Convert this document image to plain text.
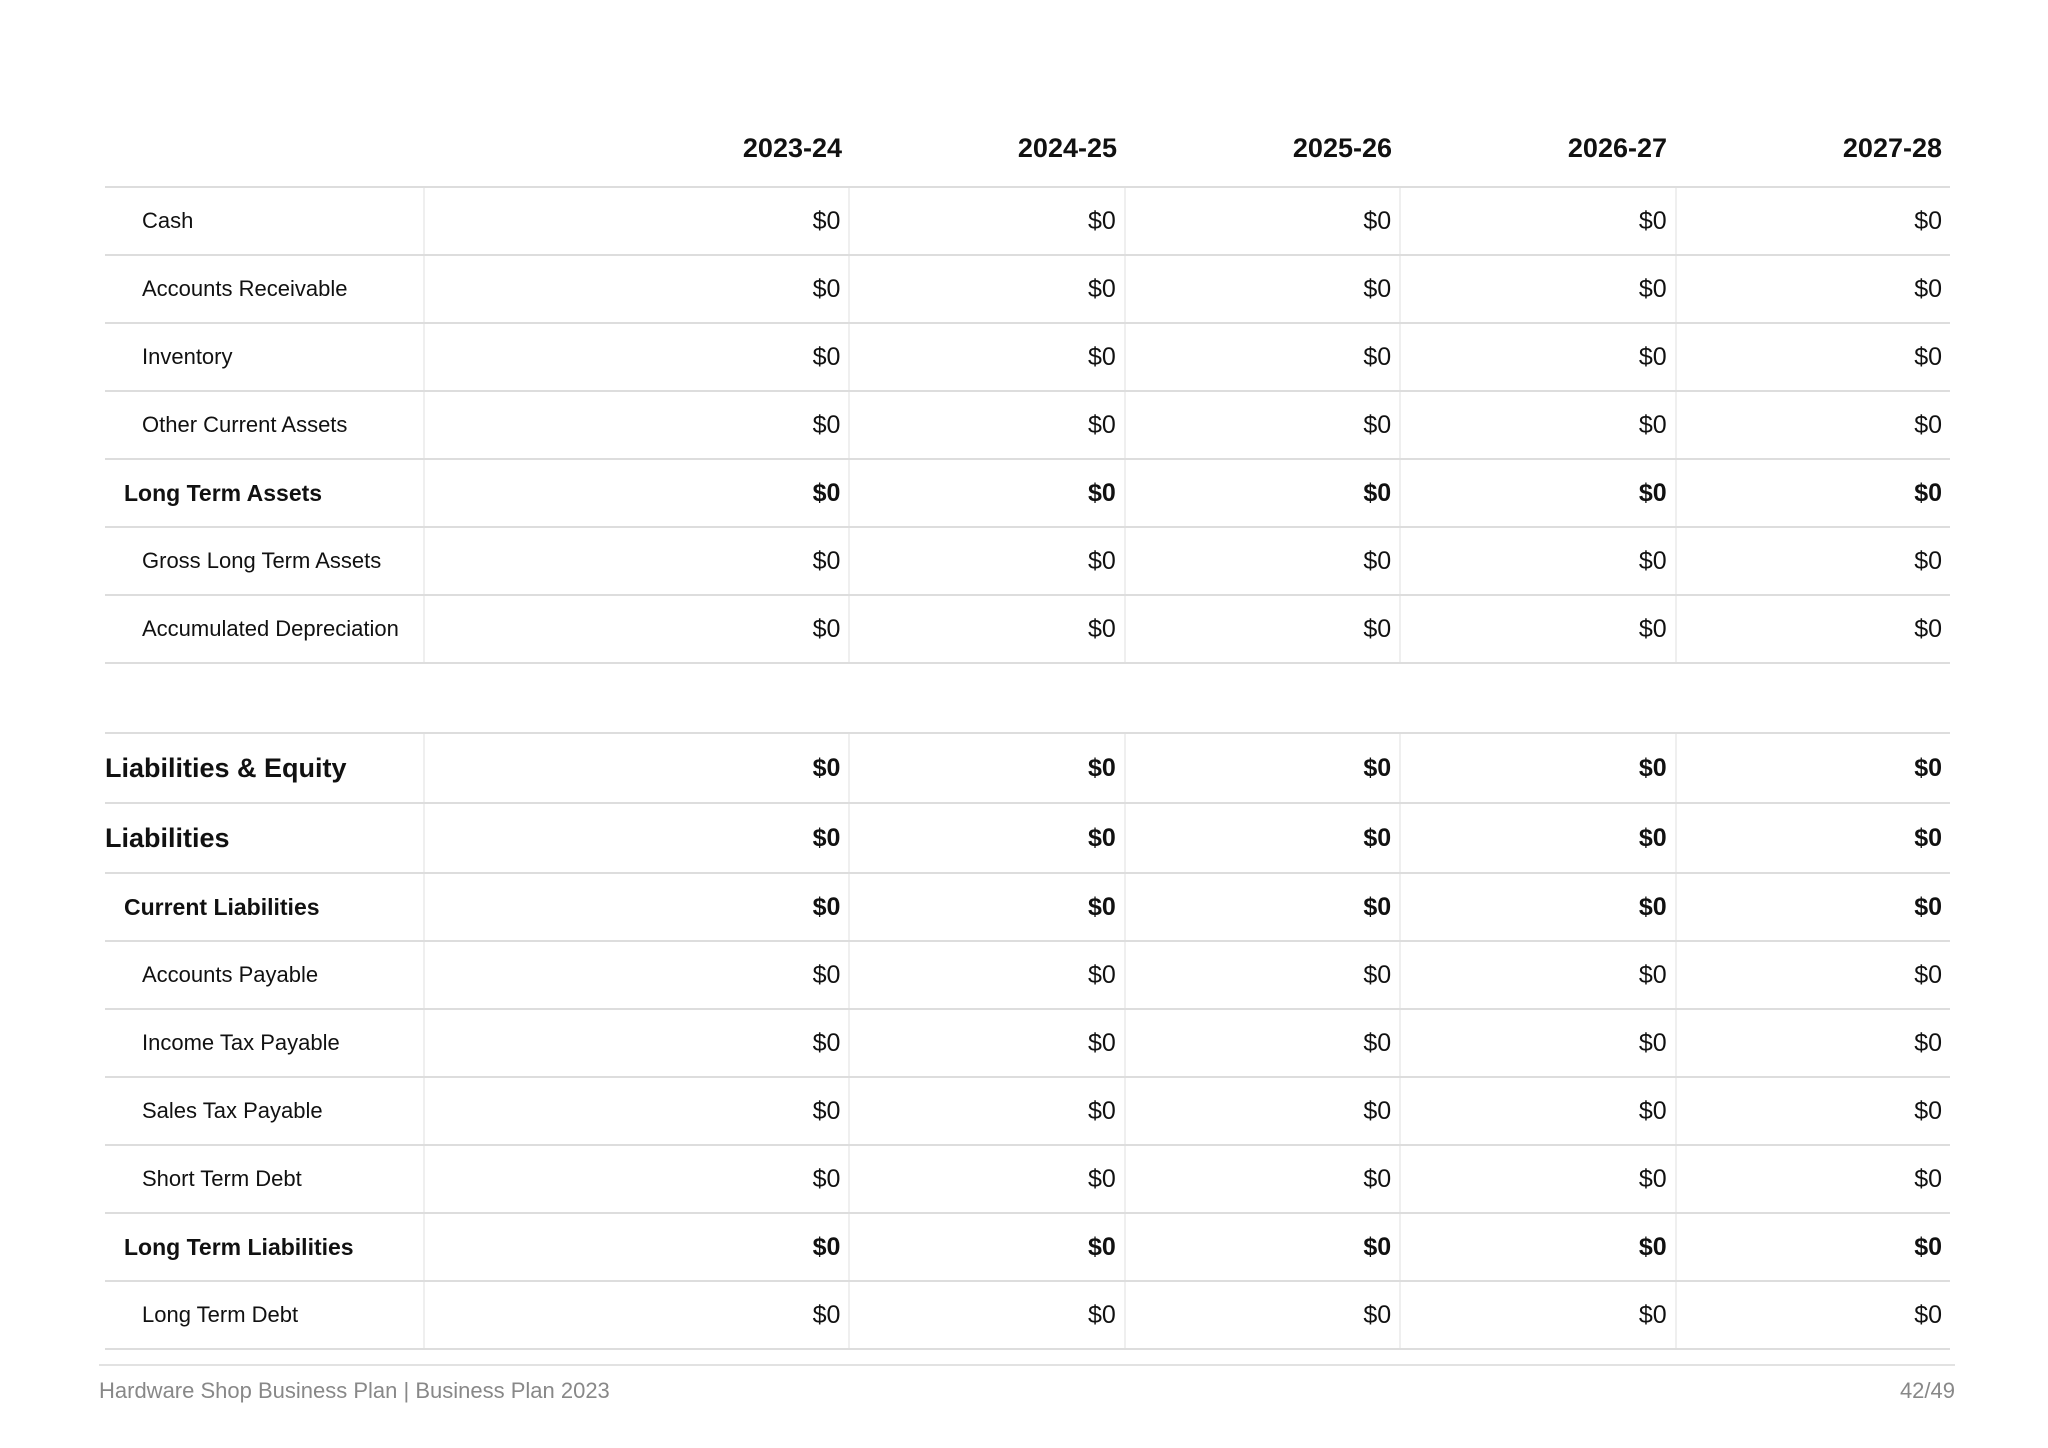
2023-24	2024-25	2025-26	2026-27	2027-28
Cash	$0	$0	$0	$0	$0
Accounts Receivable	$0	$0	$0	$0	$0
Inventory	$0	$0	$0	$0	$0
Other Current Assets	$0	$0	$0	$0	$0
Long Term Assets	$0	$0	$0	$0	$0
Gross Long Term Assets	$0	$0	$0	$0	$0
Accumulated Depreciation	$0	$0	$0	$0	$0
Liabilities & Equity	$0	$0	$0	$0	$0
Liabilities	$0	$0	$0	$0	$0
Current Liabilities	$0	$0	$0	$0	$0
Accounts Payable	$0	$0	$0	$0	$0
Income Tax Payable	$0	$0	$0	$0	$0
Sales Tax Payable	$0	$0	$0	$0	$0
Short Term Debt	$0	$0	$0	$0	$0
Long Term Liabilities	$0	$0	$0	$0	$0
Long Term Debt	$0	$0	$0	$0	$0
Hardware Shop Business Plan | Business Plan 2023	42/49
